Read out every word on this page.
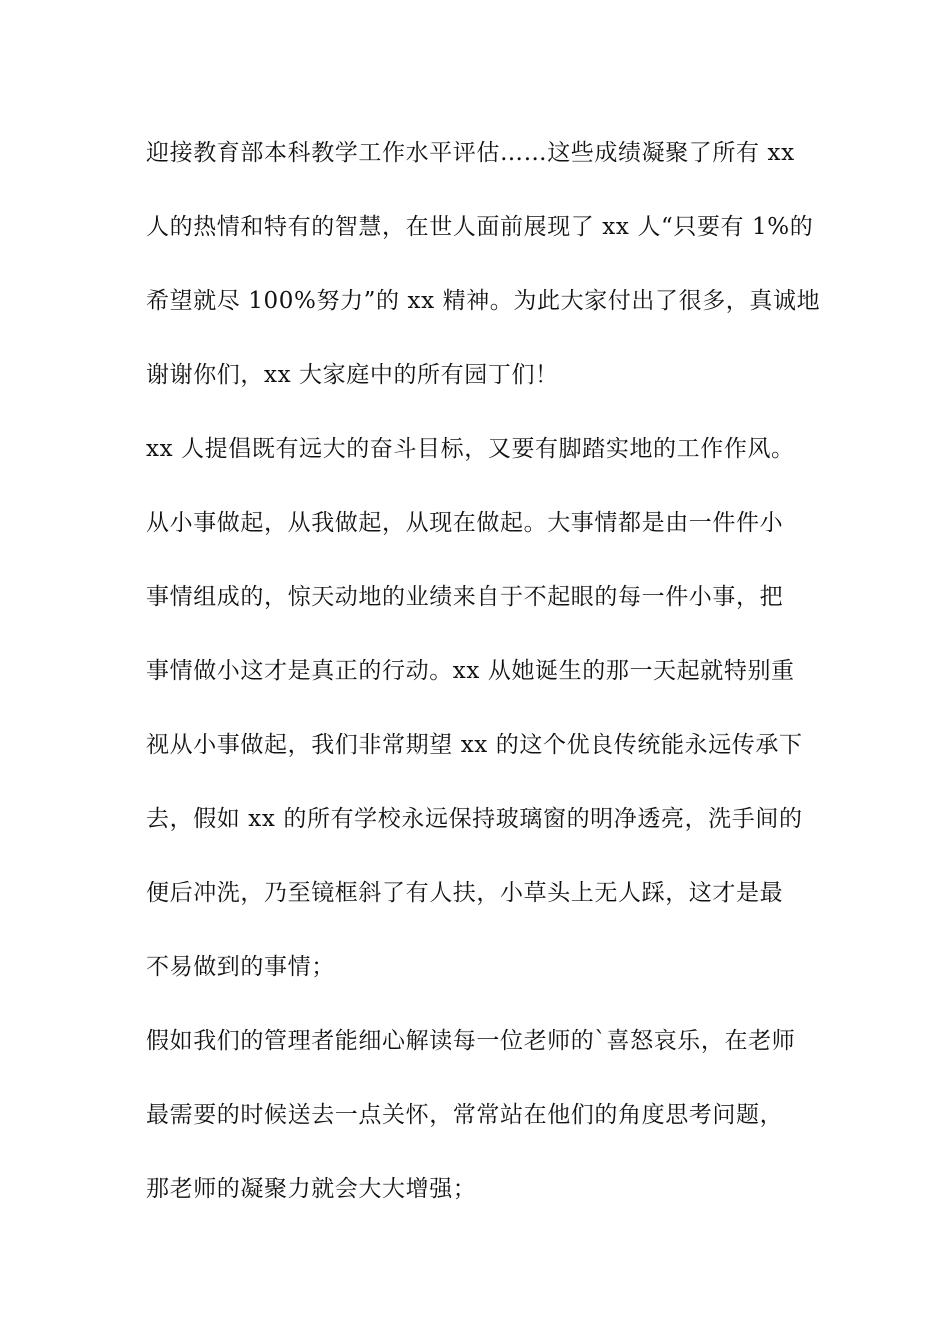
迎接教育部本科教学工作水平评估……这些成绩凝聚了所有 xx
人的热情和特有的智慧，在世人面前展现了 xx 人“只要有 1%的
希望就尽 100%努力”的 xx 精神。为此大家付出了很多，真诚地
谢谢你们，xx 大家庭中的所有园丁们！
xx 人提倡既有远大的奋斗目标，又要有脚踏实地的工作作风。
从小事做起，从我做起，从现在做起。大事情都是由一件件小
事情组成的，惊天动地的业绩来自于不起眼的每一件小事，把
事情做小这才是真正的行动。xx 从她诞生的那一天起就特别重
视从小事做起，我们非常期望 xx 的这个优良传统能永远传承下
去，假如 xx 的所有学校永远保持玻璃窗的明净透亮，洗手间的
便后冲洗，乃至镜框斜了有人扶，小草头上无人踩，这才是最
不易做到的事情；
假如我们的管理者能细心解读每一位老师的`喜怒哀乐，在老师
最需要的时候送去一点关怀，常常站在他们的角度思考问题，
那老师的凝聚力就会大大增强；
